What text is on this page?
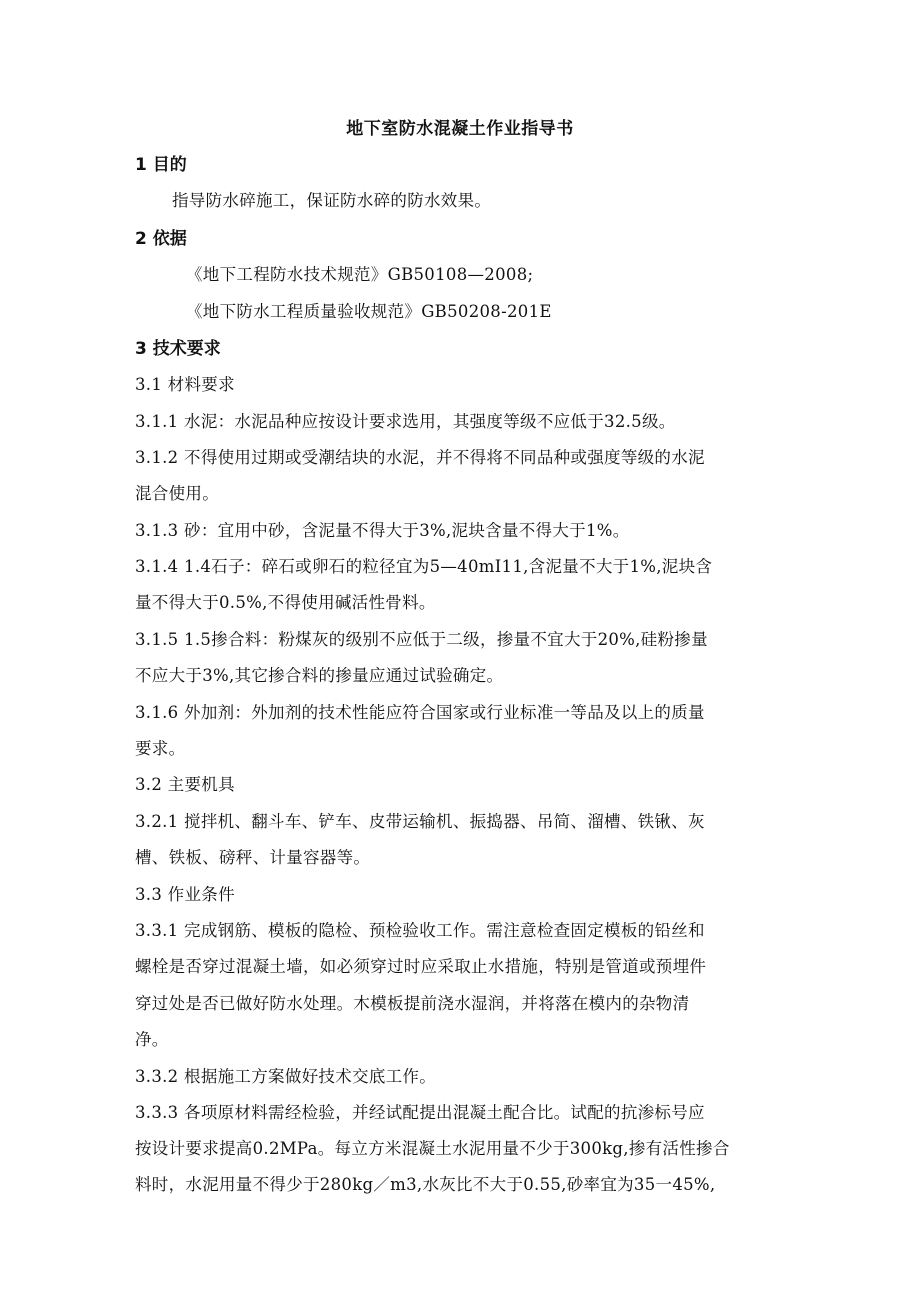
地下室防水混凝土作业指导书
1 目的
指导防水碎施工，保证防水碎的防水效果。
2 依据
《地下工程防水技术规范》GB50108—2008;
《地下防水工程质量验收规范》GB50208-201E
3 技术要求
3.1 材料要求
3.1.1 水泥：水泥品种应按设计要求选用，其强度等级不应低于32.5级。
3.1.2 不得使用过期或受潮结块的水泥，并不得将不同品种或强度等级的水泥
混合使用。
3.1.3 砂：宜用中砂，含泥量不得大于3%,泥块含量不得大于1%。
3.1.4 1.4石子：碎石或卵石的粒径宜为5—40mI11,含泥量不大于1%,泥块含
量不得大于0.5%,不得使用碱活性骨料。
3.1.5 1.5掺合料：粉煤灰的级别不应低于二级，掺量不宜大于20%,硅粉掺量
不应大于3%,其它掺合料的掺量应通过试验确定。
3.1.6 外加剂：外加剂的技术性能应符合国家或行业标准一等品及以上的质量
要求。
3.2 主要机具
3.2.1 搅拌机、翻斗车、铲车、皮带运输机、振捣器、吊简、溜槽、铁锹、灰
槽、铁板、磅秤、计量容器等。
3.3 作业条件
3.3.1 完成钢筋、模板的隐检、预检验收工作。需注意检查固定模板的铅丝和
螺栓是否穿过混凝土墙，如必须穿过时应采取止水措施，特别是管道或预埋件
穿过处是否已做好防水处理。木模板提前浇水湿润，并将落在模内的杂物清
净。
3.3.2 根据施工方案做好技术交底工作。
3.3.3 各项原材料需经检验，并经试配提出混凝土配合比。试配的抗渗标号应
按设计要求提高0.2MPa。每立方米混凝土水泥用量不少于300kg,掺有活性掺合
料时，水泥用量不得少于280kg／m3,水灰比不大于0.55,砂率宜为35一45%,
